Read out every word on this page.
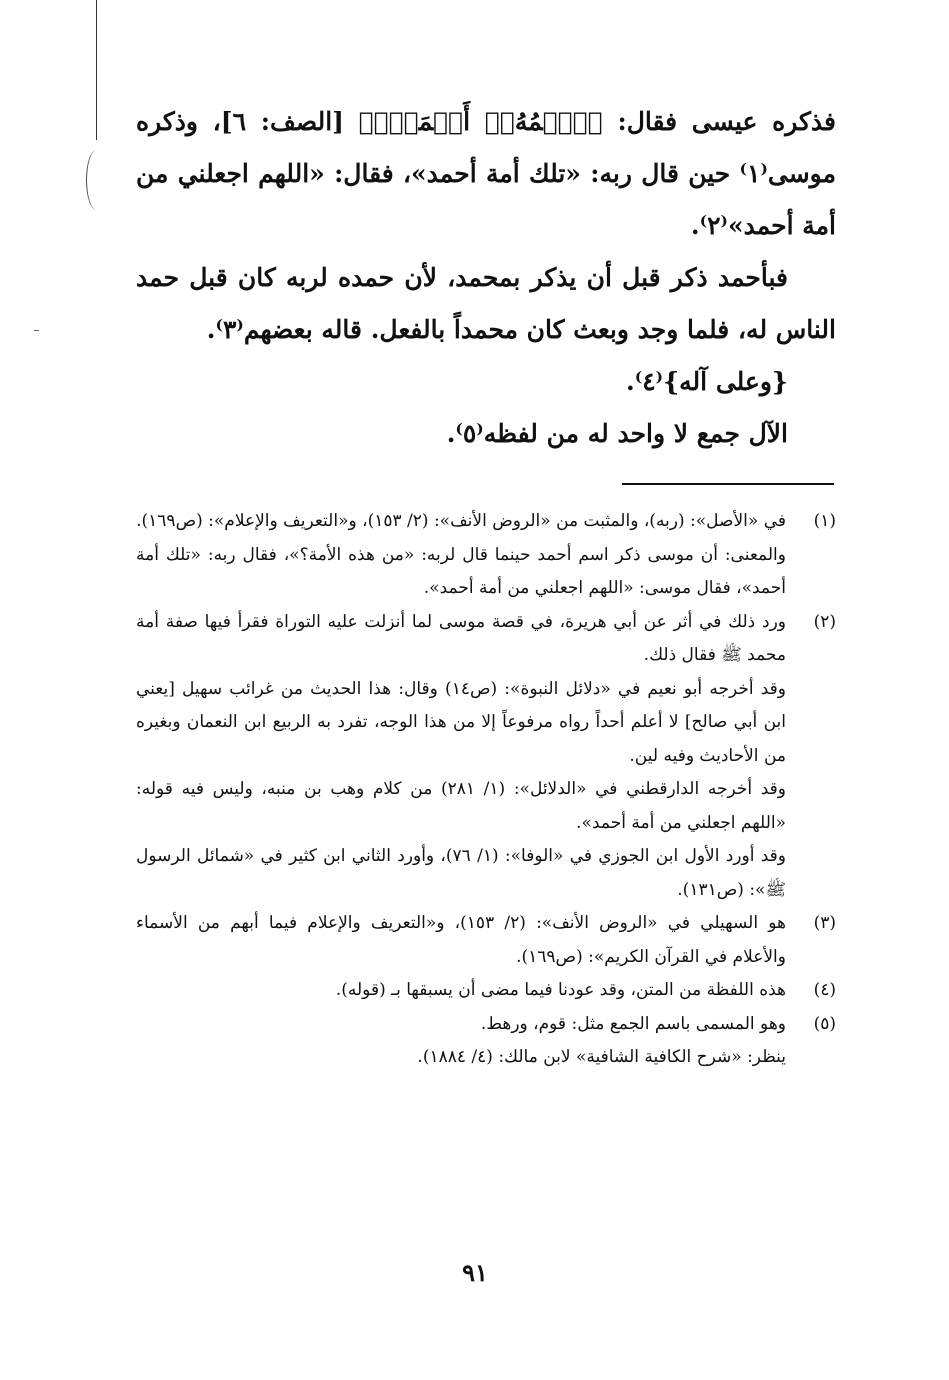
فذكره عيسى فقال: ﴿ٱسۡمُهُۥٓ أَحۡمَدُۖ﴾ [الصف: ٦]، وذكره موسى⁽١⁾ حين قال ربه: «تلك أمة أحمد»، فقال: «اللهم اجعلني من أمة أحمد»⁽٢⁾.

فبأحمد ذكر قبل أن يذكر بمحمد، لأن حمده لربه كان قبل حمد الناس له، فلما وجد وبعث كان محمداً بالفعل. قاله بعضهم⁽٣⁾.

{وعلى آله}⁽٤⁾.

الآل جمع لا واحد له من لفظه⁽٥⁾.

(١)
في «الأصل»: (ربه)، والمثبت من «الروض الأنف»: (٢/ ١٥٣)، و«التعريف والإعلام»: (ص١٦٩).

والمعنى: أن موسى ذكر اسم أحمد حينما قال لربه: «من هذه الأمة؟»، فقال ربه: «تلك أمة أحمد»، فقال موسى: «اللهم اجعلني من أمة أحمد».

(٢)
ورد ذلك في أثر عن أبي هريرة، في قصة موسى لما أنزلت عليه التوراة فقرأ فيها صفة أمة محمد ﷺ فقال ذلك.

وقد أخرجه أبو نعيم في «دلائل النبوة»: (ص١٤) وقال: هذا الحديث من غرائب سهيل [يعني ابن أبي صالح] لا أعلم أحداً رواه مرفوعاً إلا من هذا الوجه، تفرد به الربيع ابن النعمان وبغيره من الأحاديث وفيه لين.

وقد أخرجه الدارقطني في «الدلائل»: (١/ ٢٨١) من كلام وهب بن منبه، وليس فيه قوله: «اللهم اجعلني من أمة أحمد».

وقد أورد الأول ابن الجوزي في «الوفا»: (١/ ٧٦)، وأورد الثاني ابن كثير في «شمائل الرسول ﷺ»: (ص١٣١).

(٣)
هو السهيلي في «الروض الأنف»: (٢/ ١٥٣)، و«التعريف والإعلام فيما أبهم من الأسماء والأعلام في القرآن الكريم»: (ص١٦٩).
(٤)
هذه اللفظة من المتن، وقد عودنا فيما مضى أن يسبقها بـ (قوله).
(٥)
وهو المسمى باسم الجمع مثل: قوم، ورهط.

ينظر: «شرح الكافية الشافية» لابن مالك: (٤/ ١٨٨٤).

٩١
